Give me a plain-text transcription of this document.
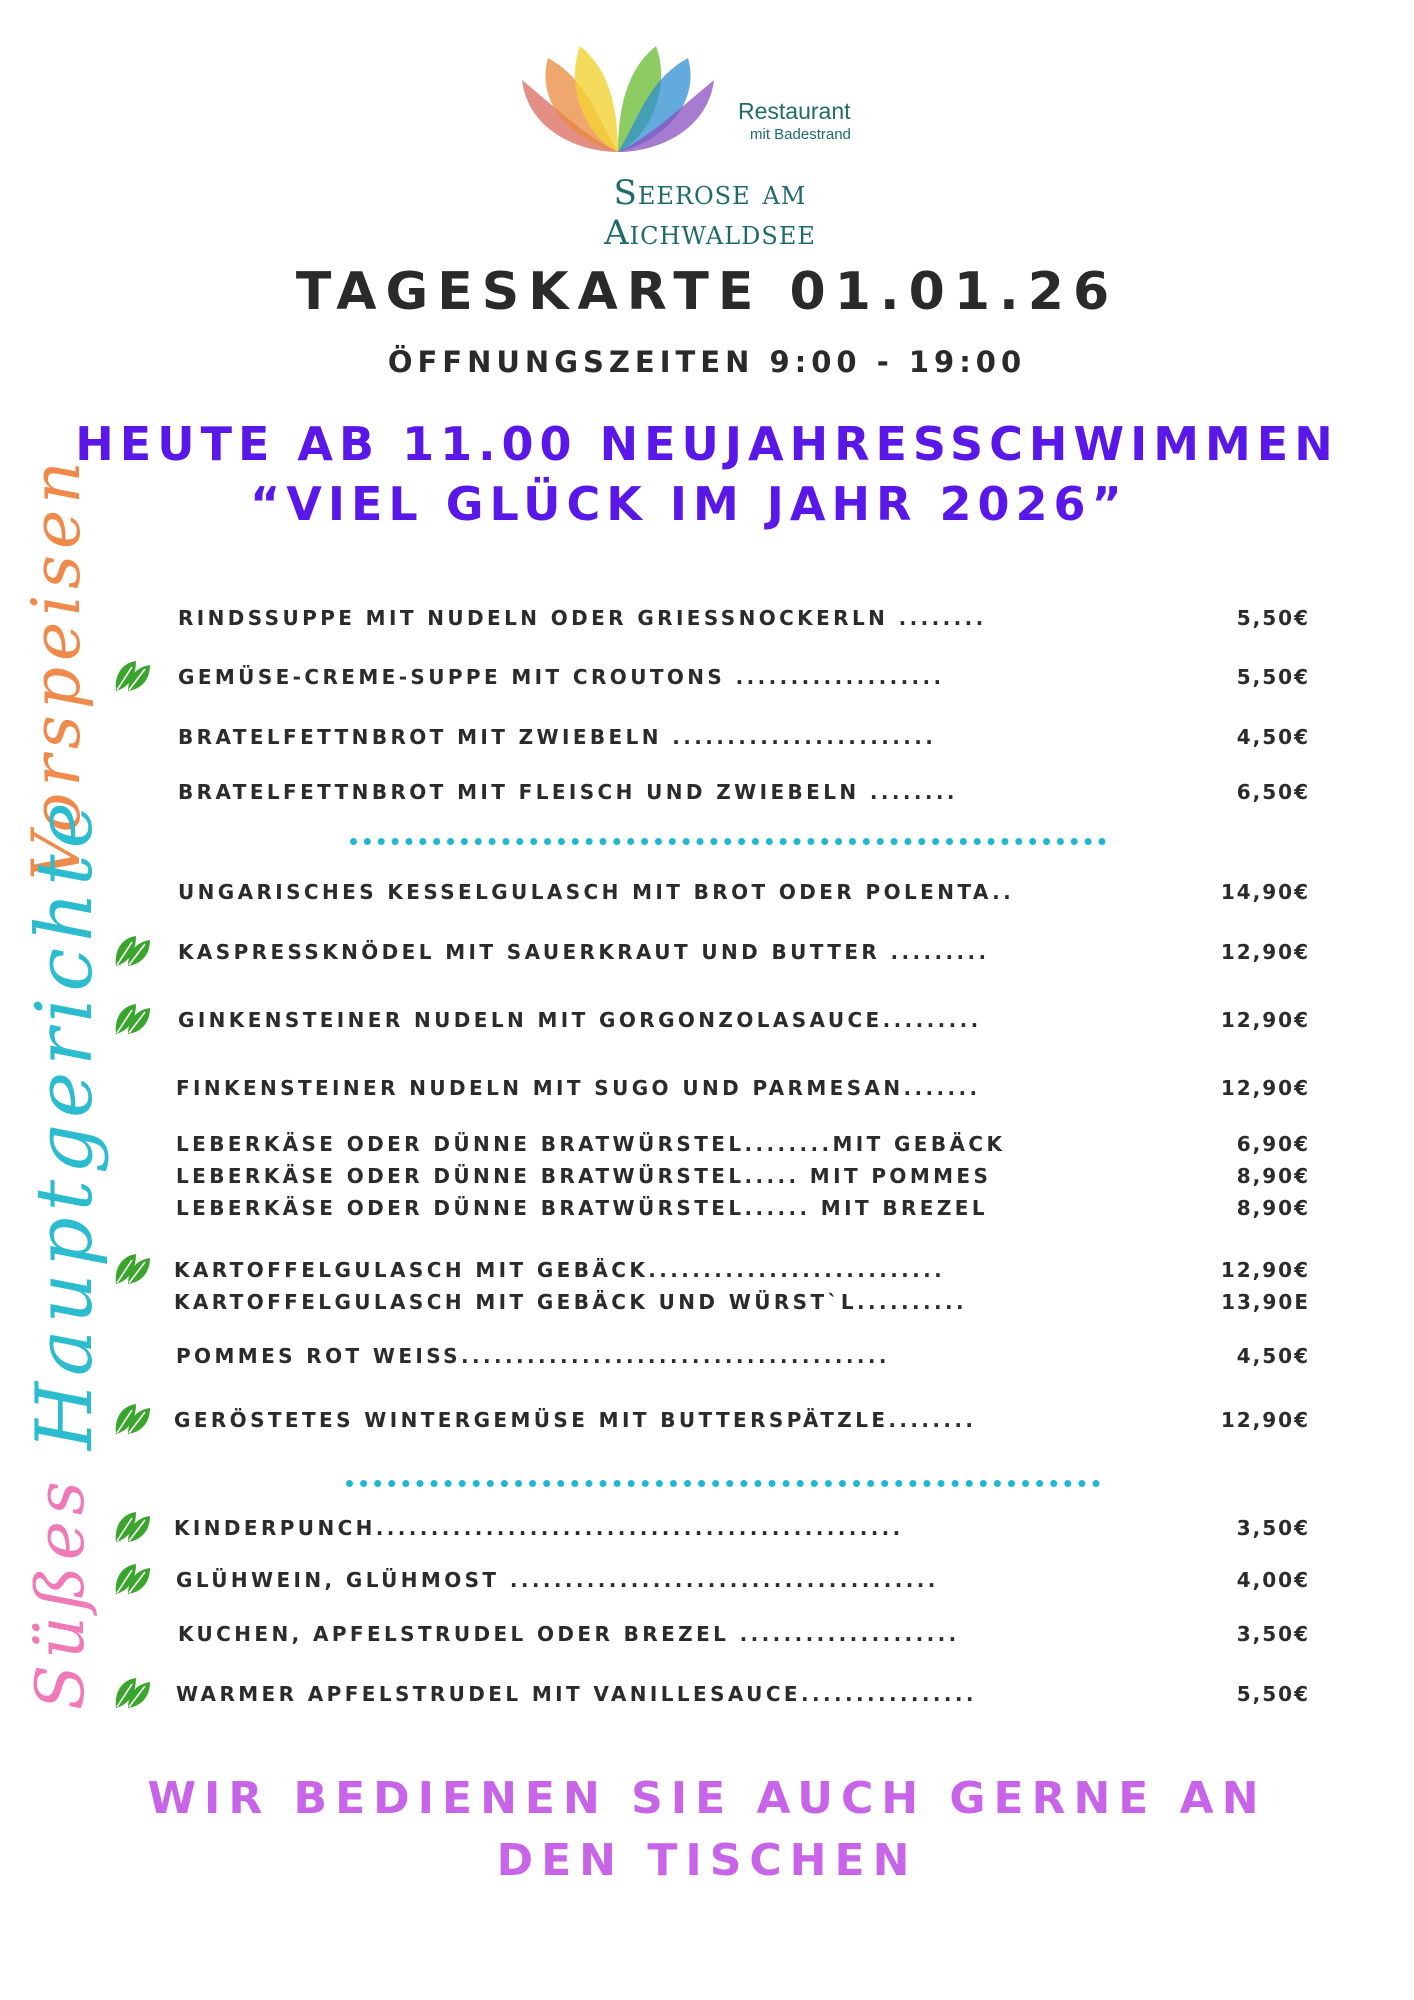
Restaurant
mit Badestrand
Seerose am Aichwaldsee
TAGESKARTE 01.01.26
ÖFFNUNGSZEITEN 9:00 - 19:00
HEUTE AB 11.00 NEUJAHRESSCHWIMMEN
“VIEL GLÜCK IM JAHR 2026”
Vorspeisen
Hauptgerichte
Süßes
RINDSSUPPE MIT NUDELN ODER GRIESSNOCKERLN ........	5,50€
GEMÜSE-CREME-SUPPE MIT CROUTONS ...................	5,50€
BRATELFETTNBROT MIT ZWIEBELN ........................	4,50€
BRATELFETTNBROT MIT FLEISCH UND ZWIEBELN ........	6,50€
UNGARISCHES KESSELGULASCH MIT BROT ODER POLENTA..	14,90€
KASPRESSKNÖDEL MIT SAUERKRAUT UND BUTTER .........	12,90€
GINKENSTEINER NUDELN MIT GORGONZOLASAUCE.........	12,90€
FINKENSTEINER NUDELN MIT SUGO UND PARMESAN.......	12,90€
LEBERKÄSE ODER DÜNNE BRATWÜRSTEL........MIT GEBÄCK	6,90€
LEBERKÄSE ODER DÜNNE BRATWÜRSTEL..... MIT POMMES	8,90€
LEBERKÄSE ODER DÜNNE BRATWÜRSTEL...... MIT BREZEL	8,90€
KARTOFFELGULASCH MIT GEBÄCK...........................	12,90€
KARTOFFELGULASCH MIT GEBÄCK UND WÜRST`L..........	13,90E
POMMES ROT WEISS.......................................	4,50€
GERÖSTETES WINTERGEMÜSE MIT BUTTERSPÄTZLE........	12,90€
KINDERPUNCH................................................	3,50€
GLÜHWEIN, GLÜHMOST .......................................	4,00€
KUCHEN, APFELSTRUDEL ODER BREZEL ....................	3,50€
WARMER APFELSTRUDEL MIT VANILLESAUCE................	5,50€
WIR BEDIENEN SIE AUCH GERNE AN
DEN TISCHEN
